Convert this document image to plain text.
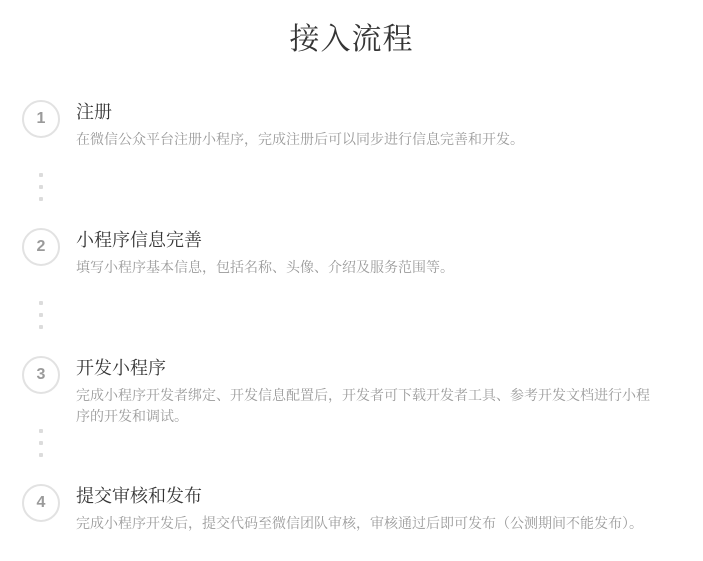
接入流程
1	注册
在微信公众平台注册小程序，完成注册后可以同步进行信息完善和开发。
2	小程序信息完善
填写小程序基本信息，包括名称、头像、介绍及服务范围等。
3	开发小程序
完成小程序开发者绑定、开发信息配置后，开发者可下载开发者工具、参考开发文档进行小程序的开发和调试。
4	提交审核和发布
完成小程序开发后，提交代码至微信团队审核，审核通过后即可发布（公测期间不能发布）。
